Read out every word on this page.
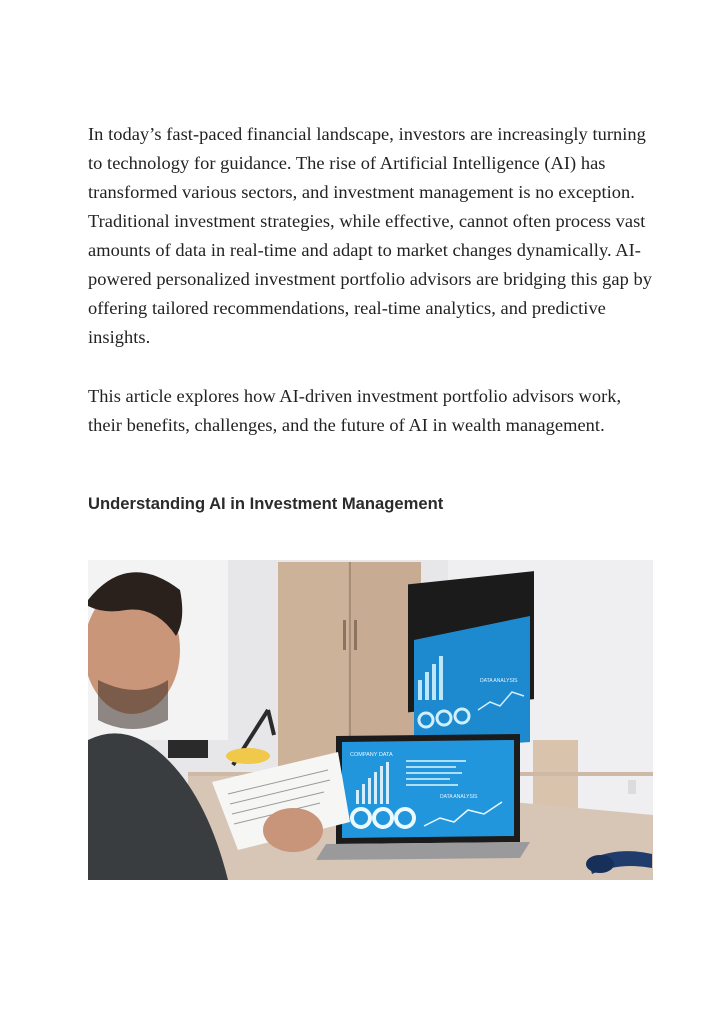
In today’s fast-paced financial landscape, investors are increasingly turning to technology for guidance. The rise of Artificial Intelligence (AI) has transformed various sectors, and investment management is no exception. Traditional investment strategies, while effective, cannot often process vast amounts of data in real-time and adapt to market changes dynamically. AI-powered personalized investment portfolio advisors are bridging this gap by offering tailored recommendations, real-time analytics, and predictive insights.

This article explores how AI-driven investment portfolio advisors work, their benefits, challenges, and the future of AI in wealth management.

Understanding AI in Investment Management
DATA ANALYSIS
COMPANY DATA
DATA ANALYSIS
